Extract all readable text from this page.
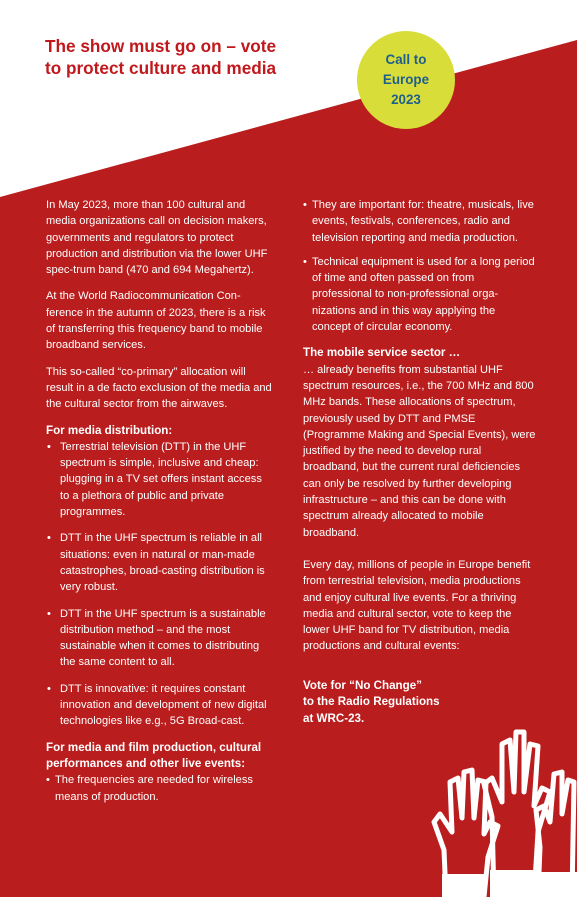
The show must go on – vote to protect culture and media	Call to
Europe
2023

In May 2023, more than 100 cultural and media organizations call on decision makers, governments and regulators to protect production and distribution via the lower UHF spec-trum band (470 and 694 Megahertz).

At the World Radiocommunication Con-ference in the autumn of 2023, there is a risk of transferring this frequency band to mobile broadband services.

This so-called “co-primary” allocation will result in a de facto exclusion of the media and the cultural sector from the airwaves.

For media distribution:

• Terrestrial television (DTT) in the UHF spectrum is simple, inclusive and cheap: plugging in a TV set offers instant access to a plethora of public and private programmes.
• DTT in the UHF spectrum is reliable in all situations: even in natural or man-made catastrophes, broad-casting distribution is very robust.
• DTT in the UHF spectrum is a sustainable distribution method – and the most sustainable when it comes to distributing the same content to all.
• DTT is innovative: it requires constant innovation and development of new digital technologies like e.g., 5G Broad-cast.

For media and film production, cultural performances and other live events:

• The frequencies are needed for wireless means of production.
• They are important for: theatre, musicals, live events, festivals, conferences, radio and television reporting and media production.
• Technical equipment is used for a long period of time and often passed on from professional to non-professional orga-nizations and in this way applying the concept of circular economy.

The mobile service sector …

… already benefits from substantial UHF spectrum resources, i.e., the 700 MHz and 800 MHz bands. These allocations of spectrum, previously used by DTT and PMSE (Programme Making and Special Events), were justified by the need to develop rural broadband, but the current rural deficiencies can only be resolved by further developing infrastructure – and this can be done with spectrum already allocated to mobile broadband.

Every day, millions of people in Europe benefit from terrestrial television, media productions and enjoy cultural live events. For a thriving media and cultural sector, vote to keep the lower UHF band for TV distribution, media productions and cultural events:

Vote for “No Change”
to the Radio Regulations
at WRC-23.
